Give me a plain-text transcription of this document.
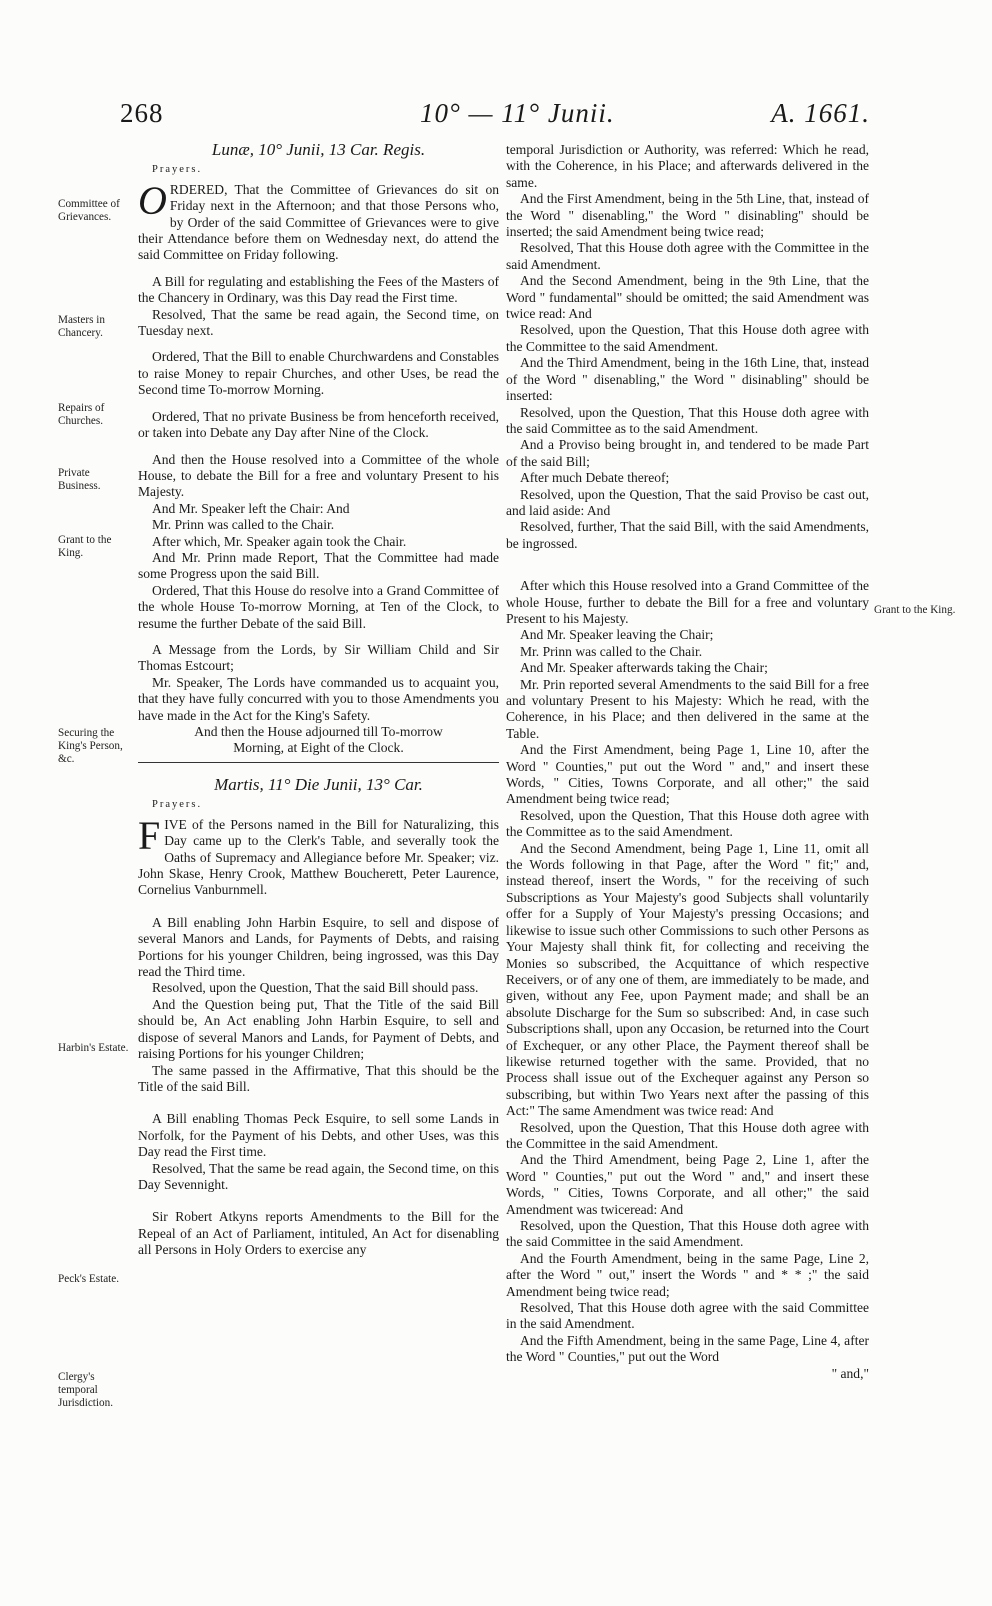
268	10° — 11° Junii.	A. 1661.
Committee of Grievances.
Masters in Chancery.
Repairs of Churches.
Private Business.
Grant to the King.
Securing the King's Person, &c.
Harbin's Estate.
Peck's Estate.
Clergy's temporal Jurisdiction.
Grant to the King.
Lunæ, 10° Junii, 13 Car. Regis.
Prayers.

ORDERED, That the Committee of Grievances do sit on Friday next in the Afternoon; and that those Persons who, by Order of the said Committee of Grievances were to give their Attendance before them on Wednesday next, do attend the said Committee on Friday following.

A Bill for regulating and establishing the Fees of the Masters of the Chancery in Ordinary, was this Day read the First time.

Resolved, That the same be read again, the Second time, on Tuesday next.

Ordered, That the Bill to enable Churchwardens and Constables to raise Money to repair Churches, and other Uses, be read the Second time To-morrow Morning.

Ordered, That no private Business be from henceforth received, or taken into Debate any Day after Nine of the Clock.

And then the House resolved into a Committee of the whole House, to debate the Bill for a free and voluntary Present to his Majesty.

And Mr. Speaker left the Chair: And

Mr. Prinn was called to the Chair.

After which, Mr. Speaker again took the Chair.

And Mr. Prinn made Report, That the Committee had made some Progress upon the said Bill.

Ordered, That this House do resolve into a Grand Committee of the whole House To-morrow Morning, at Ten of the Clock, to resume the further Debate of the said Bill.

A Message from the Lords, by Sir William Child and Sir Thomas Estcourt;

Mr. Speaker, The Lords have commanded us to acquaint you, that they have fully concurred with you to those Amendments you have made in the Act for the King's Safety.

And then the House adjourned till To-morrow Morning, at Eight of the Clock.

Martis, 11° Die Junii, 13° Car.
Prayers.

FIVE of the Persons named in the Bill for Naturalizing, this Day came up to the Clerk's Table, and severally took the Oaths of Supremacy and Allegiance before Mr. Speaker; viz. John Skase, Henry Crook, Matthew Boucherett, Peter Laurence, Cornelius Vanburnmell.

A Bill enabling John Harbin Esquire, to sell and dispose of several Manors and Lands, for Payments of Debts, and raising Portions for his younger Children, being ingrossed, was this Day read the Third time.

Resolved, upon the Question, That the said Bill should pass.

And the Question being put, That the Title of the said Bill should be, An Act enabling John Harbin Esquire, to sell and dispose of several Manors and Lands, for Payment of Debts, and raising Portions for his younger Children;

The same passed in the Affirmative, That this should be the Title of the said Bill.

A Bill enabling Thomas Peck Esquire, to sell some Lands in Norfolk, for the Payment of his Debts, and other Uses, was this Day read the First time.

Resolved, That the same be read again, the Second time, on this Day Sevennight.

Sir Robert Atkyns reports Amendments to the Bill for the Repeal of an Act of Parliament, intituled, An Act for disenabling all Persons in Holy Orders to exercise any

temporal Jurisdiction or Authority, was referred: Which he read, with the Coherence, in his Place; and afterwards delivered in the same.

And the First Amendment, being in the 5th Line, that, instead of the Word " disenabling," the Word " disinabling" should be inserted; the said Amendment being twice read;

Resolved, That this House doth agree with the Committee in the said Amendment.

And the Second Amendment, being in the 9th Line, that the Word " fundamental" should be omitted; the said Amendment was twice read: And

Resolved, upon the Question, That this House doth agree with the Committee to the said Amendment.

And the Third Amendment, being in the 16th Line, that, instead of the Word " disenabling," the Word " disinabling" should be inserted:

Resolved, upon the Question, That this House doth agree with the said Committee as to the said Amendment.

And a Proviso being brought in, and tendered to be made Part of the said Bill;

After much Debate thereof;

Resolved, upon the Question, That the said Proviso be cast out, and laid aside: And

Resolved, further, That the said Bill, with the said Amendments, be ingrossed.

After which this House resolved into a Grand Committee of the whole House, further to debate the Bill for a free and voluntary Present to his Majesty.

And Mr. Speaker leaving the Chair;

Mr. Prinn was called to the Chair.

And Mr. Speaker afterwards taking the Chair;

Mr. Prin reported several Amendments to the said Bill for a free and voluntary Present to his Majesty: Which he read, with the Coherence, in his Place; and then delivered in the same at the Table.

And the First Amendment, being Page 1, Line 10, after the Word " Counties," put out the Word " and," and insert these Words, " Cities, Towns Corporate, and all other;" the said Amendment being twice read;

Resolved, upon the Question, That this House doth agree with the Committee as to the said Amendment.

And the Second Amendment, being Page 1, Line 11, omit all the Words following in that Page, after the Word " fit;" and, instead thereof, insert the Words, " for the receiving of such Subscriptions as Your Majesty's good Subjects shall voluntarily offer for a Supply of Your Majesty's pressing Occasions; and likewise to issue such other Commissions to such other Persons as Your Majesty shall think fit, for collecting and receiving the Monies so subscribed, the Acquittance of which respective Receivers, or of any one of them, are immediately to be made, and given, without any Fee, upon Payment made; and shall be an absolute Discharge for the Sum so subscribed: And, in case such Subscriptions shall, upon any Occasion, be returned into the Court of Exchequer, or any other Place, the Payment thereof shall be likewise returned together with the same. Provided, that no Process shall issue out of the Exchequer against any Person so subscribing, but within Two Years next after the passing of this Act:" The same Amendment was twice read: And

Resolved, upon the Question, That this House doth agree with the Committee in the said Amendment.

And the Third Amendment, being Page 2, Line 1, after the Word " Counties," put out the Word " and," and insert these Words, " Cities, Towns Corporate, and all other;" the said Amendment was twiceread: And

Resolved, upon the Question, That this House doth agree with the said Committee in the said Amendment.

And the Fourth Amendment, being in the same Page, Line 2, after the Word " out," insert the Words " and * * ;" the said Amendment being twice read;

Resolved, That this House doth agree with the said Committee in the said Amendment.

And the Fifth Amendment, being in the same Page, Line 4, after the Word " Counties," put out the Word

" and,"
